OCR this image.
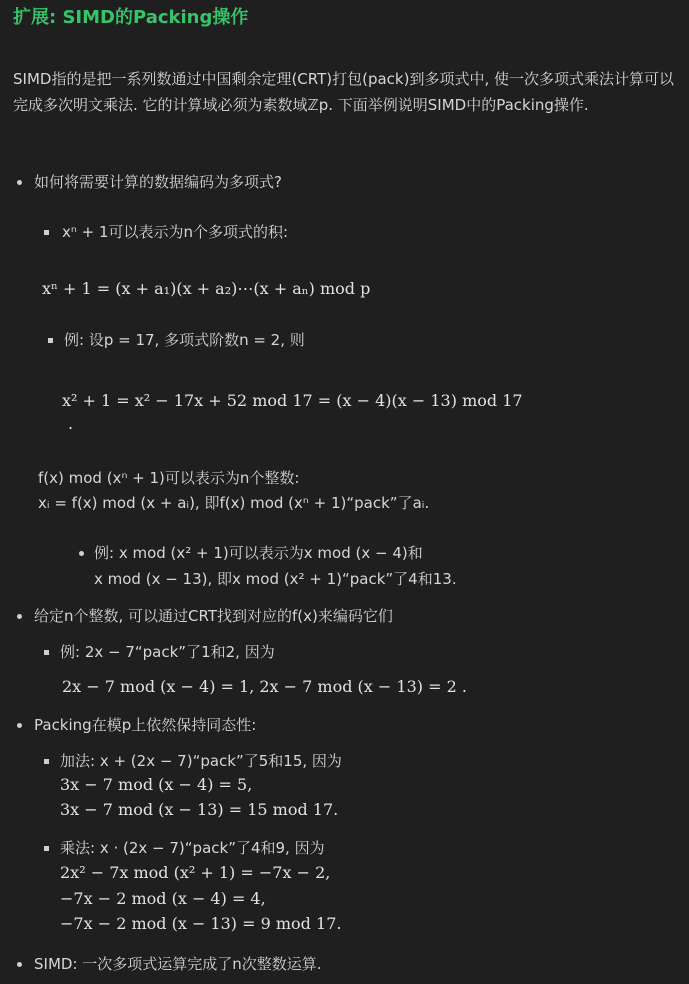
扩展: SIMD的Packing操作
SIMD指的是把一系列数通过中国剩余定理(CRT)打包(pack)到多项式中, 使一次多项式乘法计算可以完成多次明文乘法. 它的计算域必须为素数域ℤp. 下面举例说明SIMD中的Packing操作.
如何将需要计算的数据编码为多项式?
xⁿ + 1可以表示为n个多项式的积:
xⁿ + 1 = (x + a₁)(x + a₂)⋯(x + aₙ) mod p
例: 设p = 17, 多项式阶数n = 2, 则
x² + 1 = x² − 17x + 52 mod 17 = (x − 4)(x − 13) mod 17
.
f(x) mod (xⁿ + 1)可以表示为n个整数:
xᵢ = f(x) mod (x + aᵢ), 即f(x) mod (xⁿ + 1)“pack”了aᵢ.
例: x mod (x² + 1)可以表示为x mod (x − 4)和
x mod (x − 13), 即x mod (x² + 1)“pack”了4和13.
给定n个整数, 可以通过CRT找到对应的f(x)来编码它们
例: 2x − 7“pack”了1和2, 因为
2x − 7 mod (x − 4) = 1, 2x − 7 mod (x − 13) = 2 .
Packing在模p上依然保持同态性:
加法: x + (2x − 7)“pack”了5和15, 因为
3x − 7 mod (x − 4) = 5,
3x − 7 mod (x − 13) = 15 mod 17.
乘法: x · (2x − 7)“pack”了4和9, 因为
2x² − 7x mod (x² + 1) = −7x − 2,
−7x − 2 mod (x − 4) = 4,
−7x − 2 mod (x − 13) = 9 mod 17.
SIMD: 一次多项式运算完成了n次整数运算.
